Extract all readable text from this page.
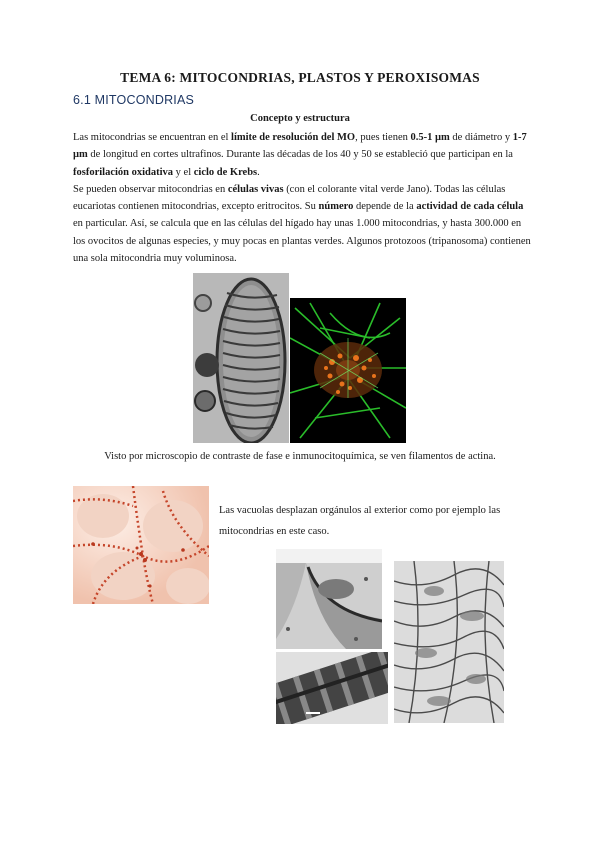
TEMA 6: MITOCONDRIAS, PLASTOS Y PEROXISOMAS
6.1 MITOCONDRIAS
Concepto y estructura

Las mitocondrias se encuentran en el límite de resolución del MO, pues tienen 0.5-1 µm de diámetro y 1-7 µm de longitud en cortes ultrafinos. Durante las décadas de los 40 y 50 se estableció que participan en la fosforilación oxidativa y el ciclo de Krebs.

Se pueden observar mitocondrias en células vivas (con el colorante vital verde Jano). Todas las células eucariotas contienen mitocondrias, excepto eritrocitos. Su número depende de la actividad de cada célula en particular. Así, se calcula que en las células del hígado hay unas 1.000 mitocondrias, y hasta 300.000 en los ovocitos de algunas especies, y muy pocas en plantas verdes. Algunos protozoos (tripanosoma) contienen una sola mitocondria muy voluminosa.

Visto por microscopio de contraste de fase e inmunocitoquímica, se ven filamentos de actina.
Las vacuolas desplazan orgánulos al exterior como por ejemplo las mitocondrias en este caso.
